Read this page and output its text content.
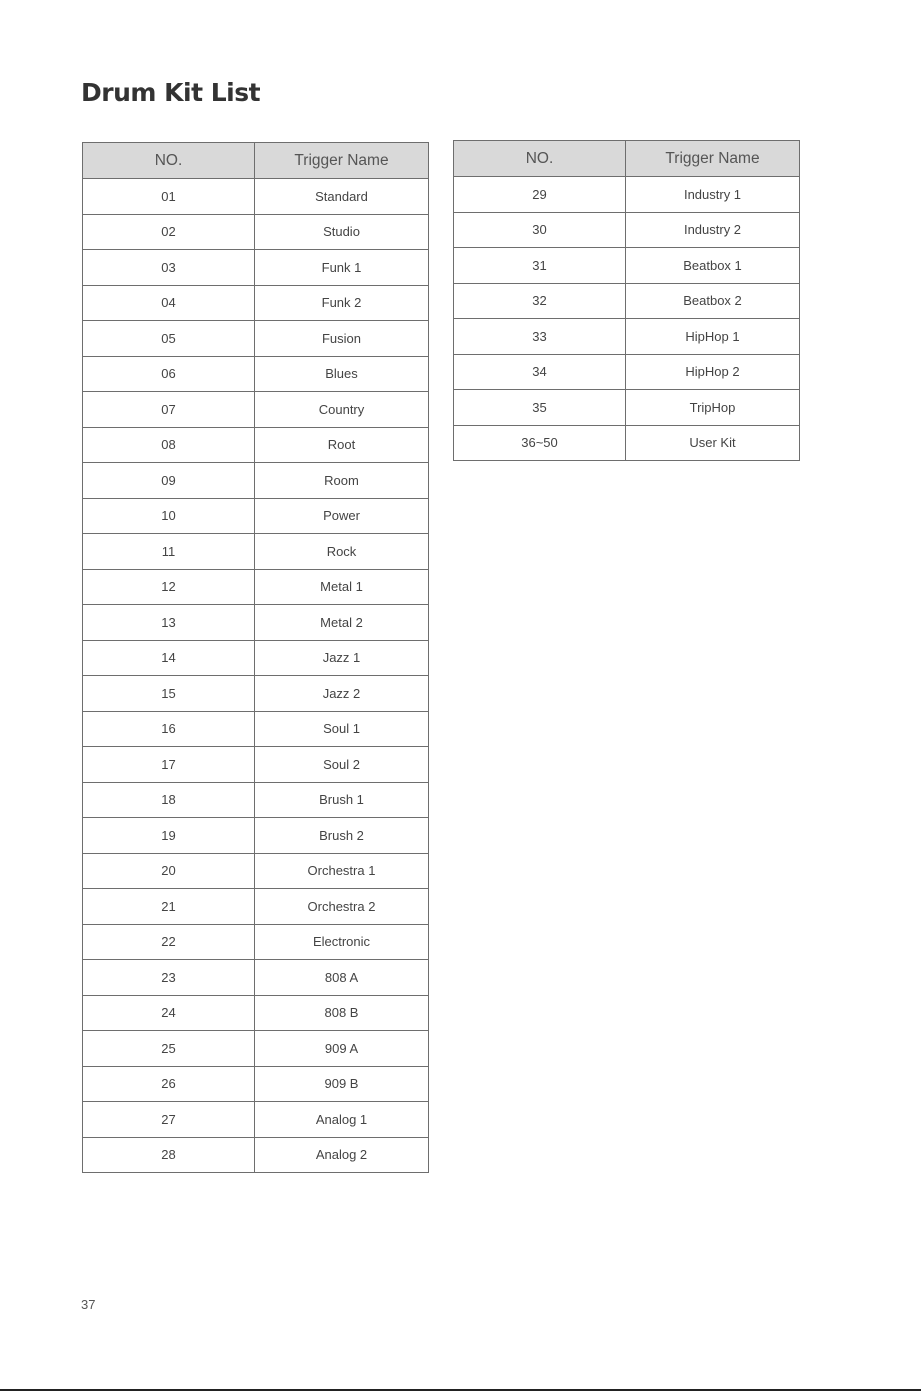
Drum Kit List
NO.	Trigger Name
01	Standard
02	Studio
03	Funk 1
04	Funk 2
05	Fusion
06	Blues
07	Country
08	Root
09	Room
10	Power
11	Rock
12	Metal 1
13	Metal 2
14	Jazz 1
15	Jazz 2
16	Soul 1
17	Soul 2
18	Brush 1
19	Brush 2
20	Orchestra 1
21	Orchestra 2
22	Electronic
23	808 A
24	808 B
25	909 A
26	909 B
27	Analog 1
28	Analog 2
NO.	Trigger Name
29	Industry 1
30	Industry 2
31	Beatbox 1
32	Beatbox 2
33	HipHop 1
34	HipHop 2
35	TripHop
36~50	User Kit
37
